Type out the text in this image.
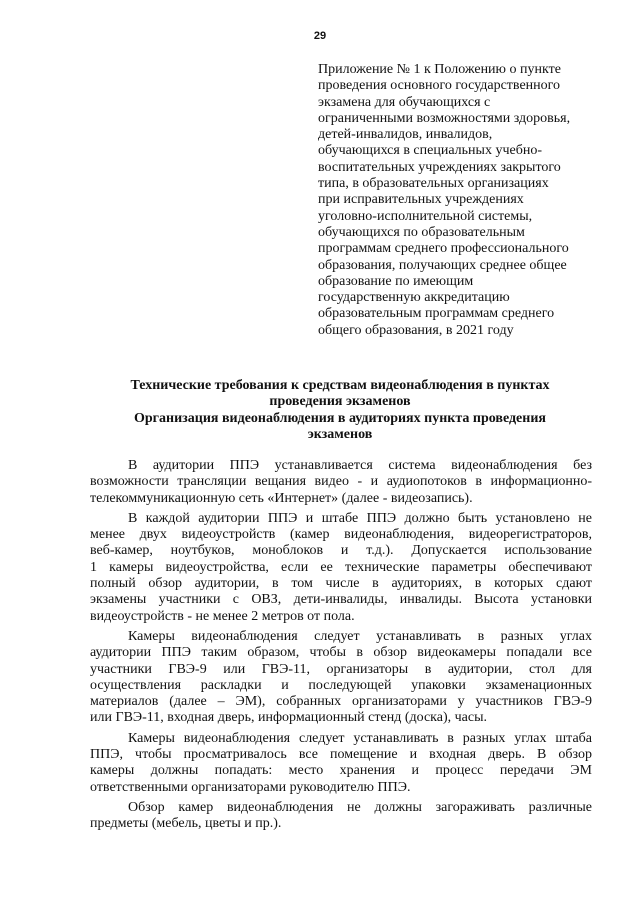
29
Приложение № 1 к Положению о пункте
проведения основного государственного
экзамена для обучающихся с
ограниченными возможностями здоровья,
детей-инвалидов, инвалидов,
обучающихся в специальных учебно-
воспитательных учреждениях закрытого
типа, в образовательных организациях
при исправительных учреждениях
уголовно-исполнительной системы,
обучающихся по образовательным
программам среднего профессионального
образования, получающих среднее общее
образование по имеющим
государственную аккредитацию
образовательным программам среднего
общего образования, в 2021 году
Технические требования к средствам видеонаблюдения в пунктах
проведения экзаменов
Организация видеонаблюдения в аудиториях пункта проведения
экзаменов

В аудитории ППЭ устанавливается система видеонаблюдения без

возможности трансляции вещания видео - и аудиопотоков в информационно-

телекоммуникационную сеть «Интернет» (далее - видеозапись).

В каждой аудитории ППЭ и штабе ППЭ должно быть установлено не

менее двух видеоустройств (камер видеонаблюдения, видеорегистраторов,

веб-камер, ноутбуков, моноблоков и т.д.). Допускается использование

1 камеры видеоустройства, если ее технические параметры обеспечивают

полный обзор аудитории, в том числе в аудиториях, в которых сдают

экзамены участники с ОВЗ, дети-инвалиды, инвалиды. Высота установки

видеоустройств - не менее 2 метров от пола.

Камеры видеонаблюдения следует устанавливать в разных углах

аудитории ППЭ таким образом, чтобы в обзор видеокамеры попадали все

участники ГВЭ-9 или ГВЭ-11, организаторы в аудитории, стол для

осуществления раскладки и последующей упаковки экзаменационных

материалов (далее – ЭМ), собранных организаторами у участников ГВЭ-9

или ГВЭ-11, входная дверь, информационный стенд (доска), часы.

Камеры видеонаблюдения следует устанавливать в разных углах штаба

ППЭ, чтобы просматривалось все помещение и входная дверь. В обзор

камеры должны попадать: место хранения и процесс передачи ЭМ

ответственными организаторами руководителю ППЭ.

Обзор камер видеонаблюдения не должны загораживать различные

предметы (мебель, цветы и пр.).
